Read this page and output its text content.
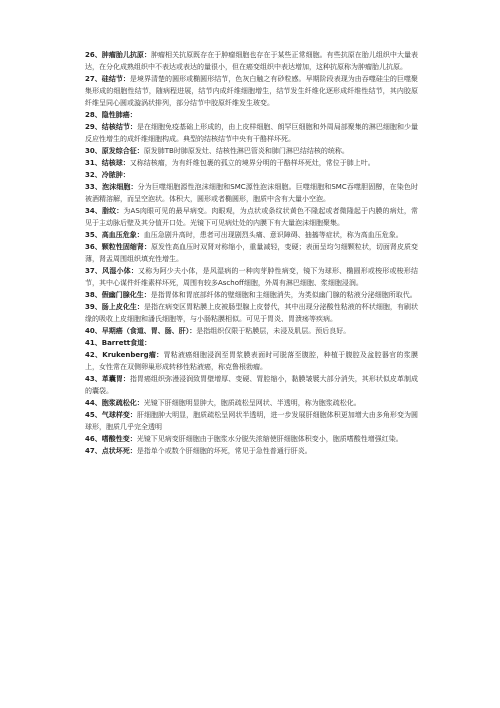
26、肿瘤胎儿抗原：肿瘤相关抗原既存在于肿瘤细胞也存在于某些正常细胞。有些抗原在胎儿组织中大量表达，在分化成熟组织中不表达或表达的量很小，但在癌变组织中表达增加，这种抗原称为肿瘤胎儿抗原。

27、硅结节：是境界清楚的圆形或椭圆形结节，色灰白触之有砂粒感。早期阶段表现为由吞噬硅尘的巨噬聚集形成的细胞性结节，随病程进展，结节内成纤维细胞增生，结节发生纤维化逐形成纤维性结节，其内胶原纤维呈同心圆或漩涡状排列，部分结节中胶原纤维发生玻变。

28、隐性肺癌：

29、结核结节：是在细胞免疫基础上形成的，由上皮样细胞、朗罕巨细胞和外周局部聚集的淋巴细胞和少量反应性增生的成纤维细胞构成。典型的结核结节中央有干酪样坏死。

30、原发综合征：原发肺TB时肺原发灶、结核性淋巴管炎和肺门淋巴结结核的统称。

31、结核球：又称结核瘤，为有纤维包裹的孤立的境界分明的干酪样坏死灶，常位于肺上叶。

32、冷脓肿：

33、泡沫细胞：分为巨噬细胞源性泡沫细胞和SMC源性泡沫细胞。巨噬细胞和SMC吞噬胆固醇，在染色时被酒精溶解，而呈空泡状。体积大，圆形或者椭圆形，胞质中含有大量小空泡。

34、脂纹：为AS肉眼可见的最早病变。肉眼观，为点状或条纹状黄色不隆起或者微隆起于内膜的病灶，常见于主动脉后壁及其分值开口处。光镜下可见病灶处的内膜下有大量泡沫细胞聚集。

35、高血压危象：血压急剧升高时，患者可出现剧烈头痛、意识障碍、抽搐等症状，称为高血压危象。

36、颗粒性固缩肾：原发性高血压时双肾对称缩小，重量减轻，变硬；表面呈均匀细颗粒状，切面肾皮质变薄，肾盂周围组织填充性增生。

37、风湿小体：又称为阿少夫小体，是风湿病的一种肉芽肿性病变，镜下为球形、椭圆形或梭形或梭形结节，其中心谋件纤维素样坏死，周围有较多Aschoff细胞，外周有淋巴细胞、浆细胞浸润。

38、假幽门腺化生：是指胃体和胃底部纤体的壁细胞和主细胞消失，为类似幽门腺的粘液分泌细胞所取代。

39、肠上皮化生：是指在病变区胃粘膜上皮被肠型腺上皮替代，其中出现分泌酸性粘液的杯状细胞，有刷状缘的吸收上皮细胞和潘氏细胞等，与小肠粘膜相似。可见于胃炎、胃溃疡等疾病。

40、早期癌（食道、胃、肠、肝）：是指组织仅限于粘膜层，未浸及肌层。预后良好。

41、Barrett食道：

42、Krukenberg瘤：胃粘液癌细胞浸润至胃浆膜表面时可脱落至腹腔，种植于腹腔及盆腔器官的浆膜上，女性常在双侧卵巢形成转移性粘液癌，称克鲁根勃瘤。

43、革囊胃：指胃癌组织弥漫浸润致胃壁增厚、变硬、胃腔缩小，黏膜皱襞大部分消失，其形状似皮革制成的囊袋。

44、胞浆疏松化：光镜下肝细胞明显肿大，胞质疏松呈网状、半透明，称为胞浆疏松化。

45、气球样变：肝细胞肿大明显，胞质疏松呈网状半透明，进一步发展肝细胞体积更加增大由多角形变为圆球形，胞质几乎完全透明

46、嗜酸性变：光镜下见病变肝细胞由于胞浆水分脱失浓缩使肝细胞体积变小，胞质嗜酸性增强红染。

47、点状坏死：是指单个或数个肝细胞的坏死，常见于急性普通行肝炎。
